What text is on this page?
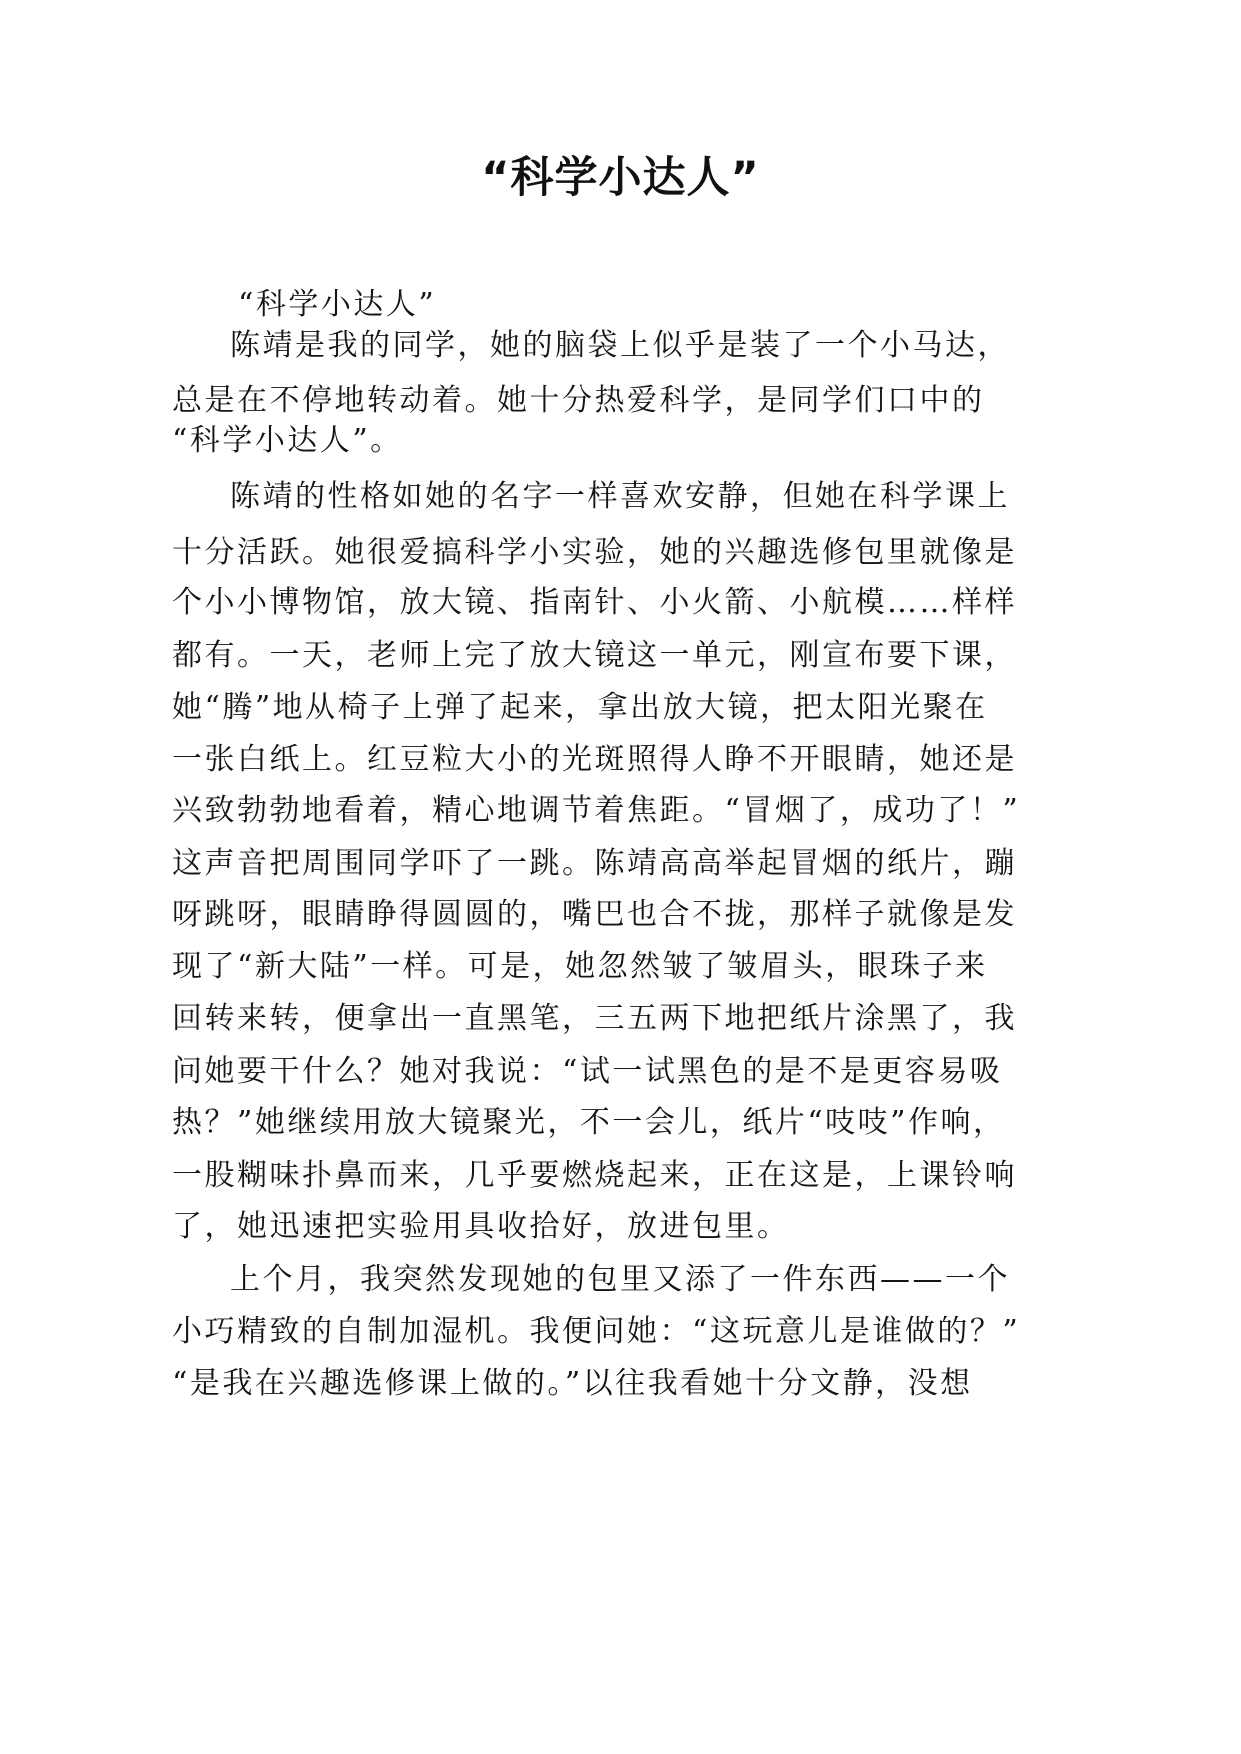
“科学小达人”
“科学小达人”
陈靖是我的同学，她的脑袋上似乎是装了一个小马达，
总是在不停地转动着。她十分热爱科学，是同学们口中的
“科学小达人”。
陈靖的性格如她的名字一样喜欢安静，但她在科学课上
十分活跃。她很爱搞科学小实验，她的兴趣选修包里就像是
个小小博物馆，放大镜、指南针、小火箭、小航模……样样
都有。一天，老师上完了放大镜这一单元，刚宣布要下课，
她“腾”地从椅子上弹了起来，拿出放大镜，把太阳光聚在
一张白纸上。红豆粒大小的光斑照得人睁不开眼睛，她还是
兴致勃勃地看着，精心地调节着焦距。“冒烟了，成功了！”
这声音把周围同学吓了一跳。陈靖高高举起冒烟的纸片，蹦
呀跳呀，眼睛睁得圆圆的，嘴巴也合不拢，那样子就像是发
现了“新大陆”一样。可是，她忽然皱了皱眉头，眼珠子来
回转来转，便拿出一直黑笔，三五两下地把纸片涂黑了，我
问她要干什么？她对我说：“试一试黑色的是不是更容易吸
热？”她继续用放大镜聚光，不一会儿，纸片“吱吱”作响，
一股糊味扑鼻而来，几乎要燃烧起来，正在这是，上课铃响
了，她迅速把实验用具收拾好，放进包里。
上个月，我突然发现她的包里又添了一件东西——一个
小巧精致的自制加湿机。我便问她：“这玩意儿是谁做的？”
“是我在兴趣选修课上做的。”以往我看她十分文静，没想
